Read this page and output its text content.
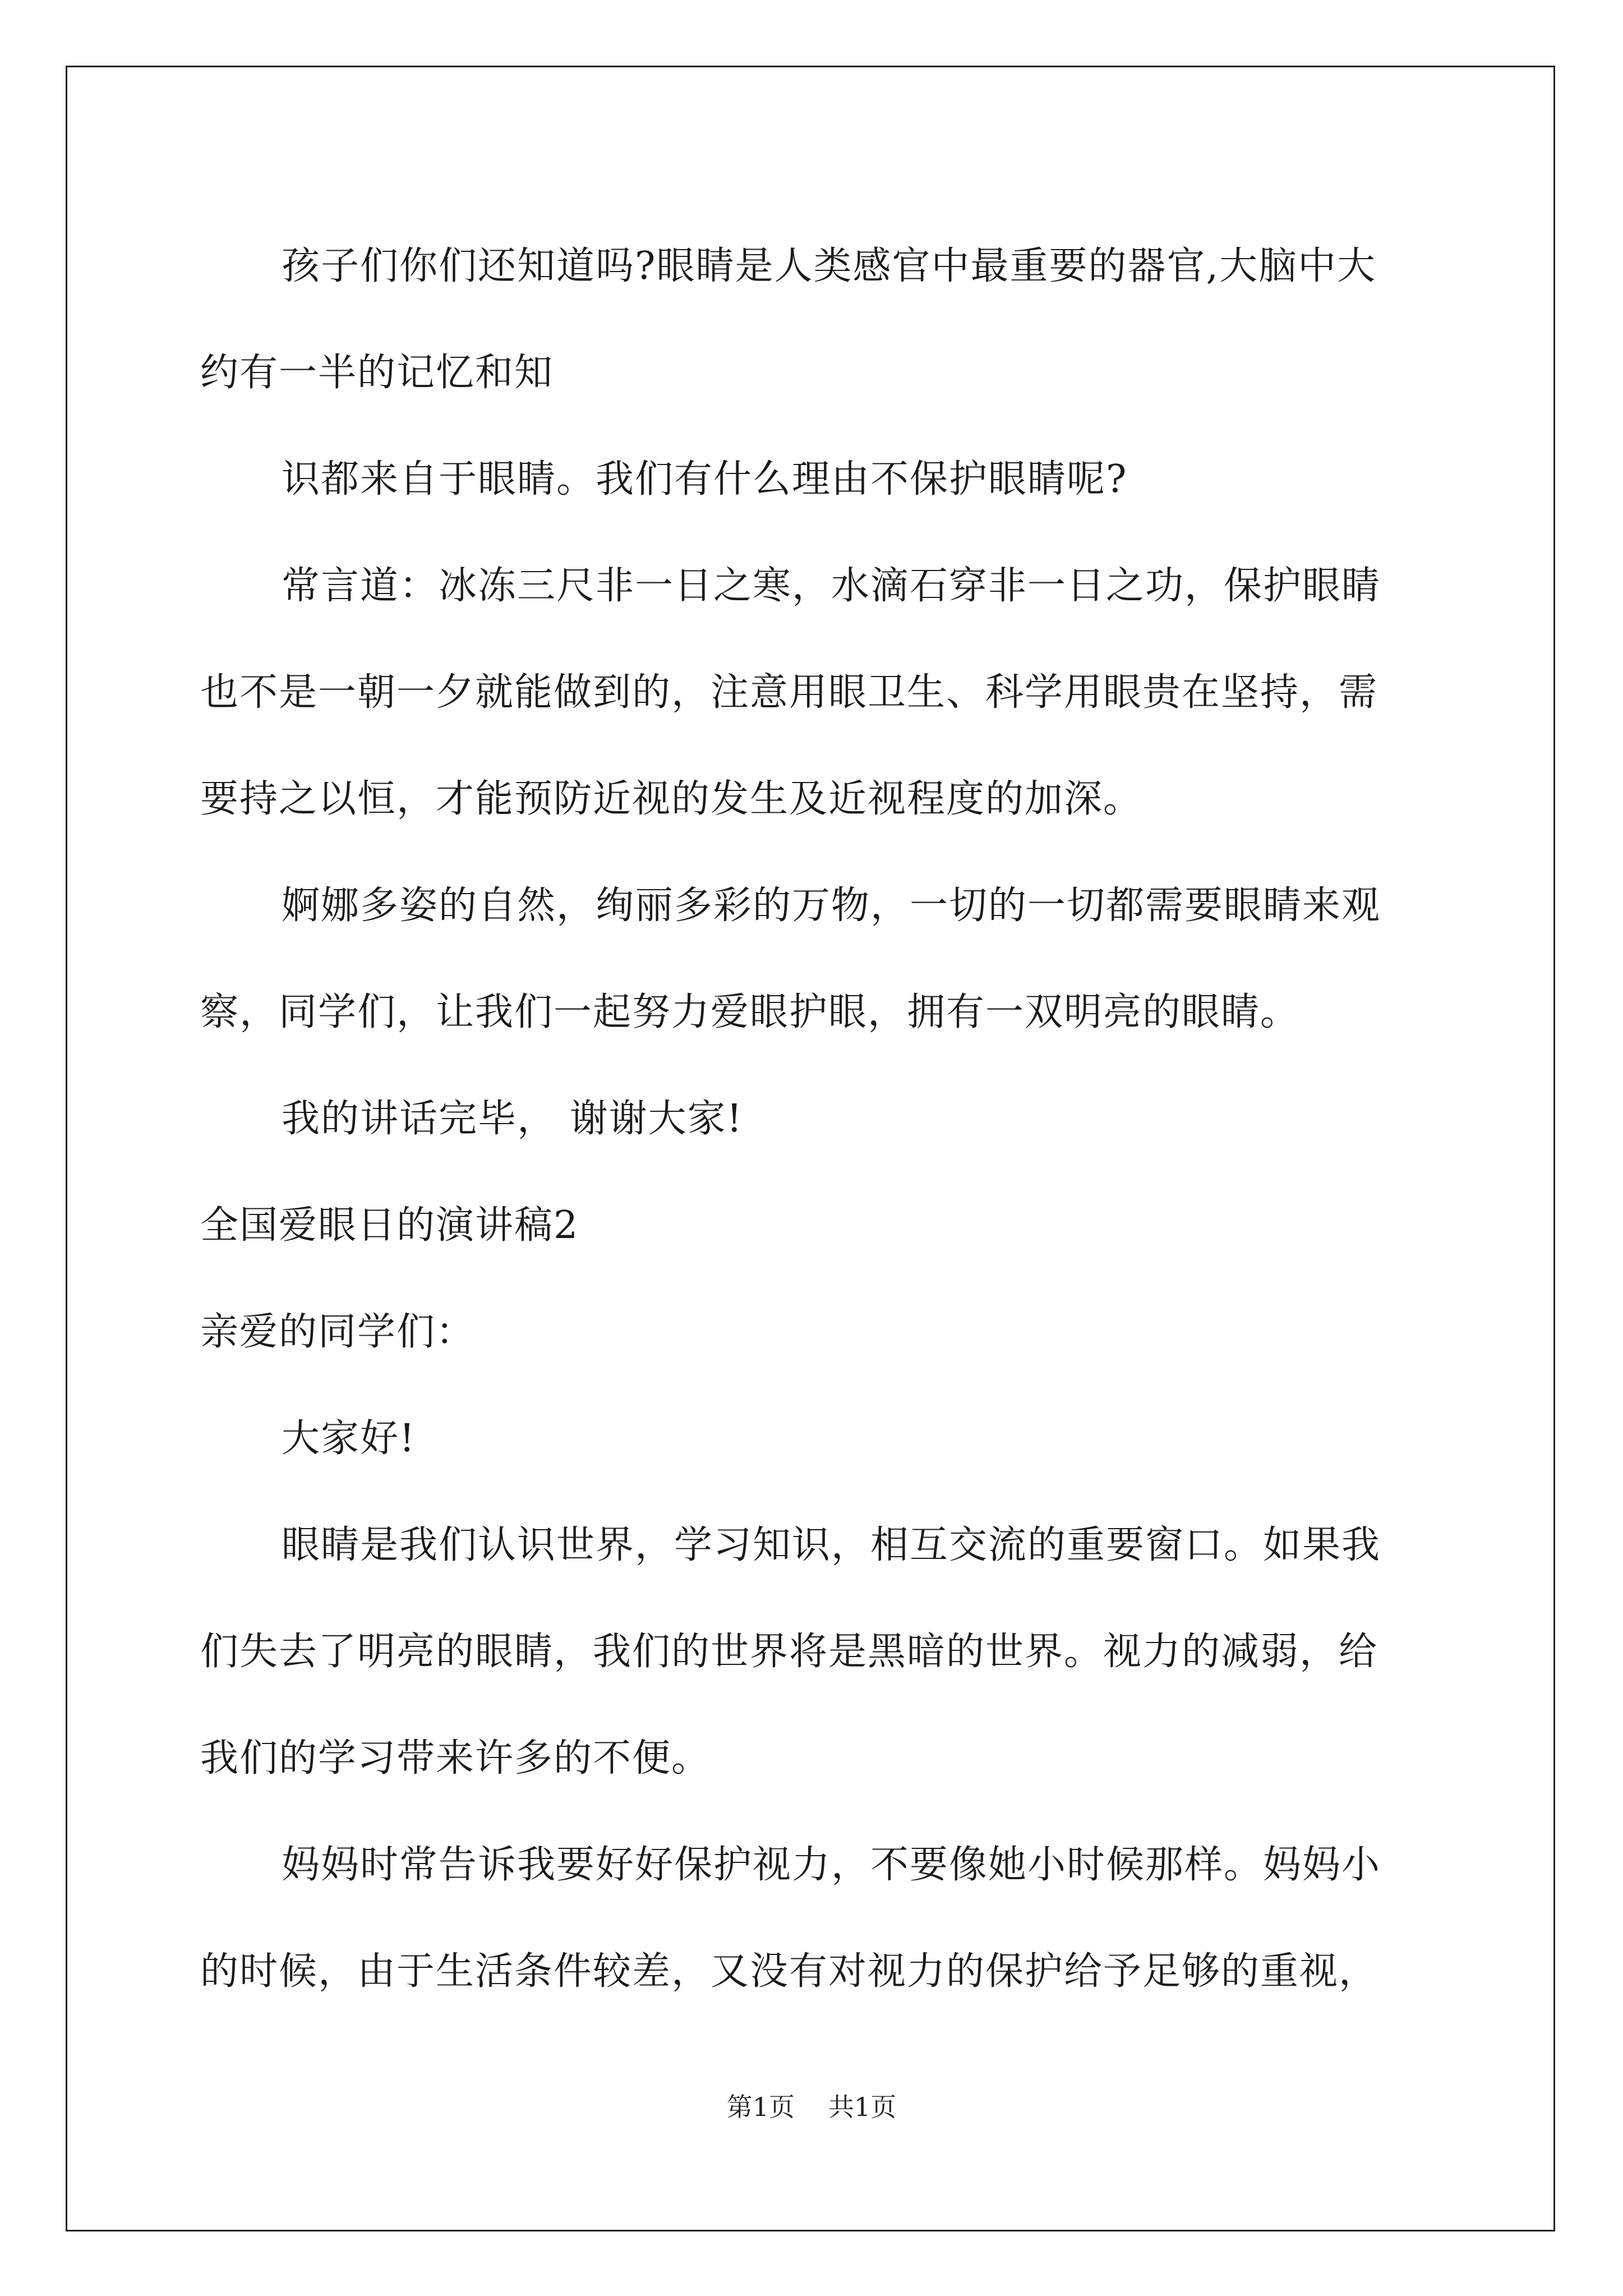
孩子们你们还知道吗?眼睛是人类感官中最重要的器官,大脑中大
约有一半的记忆和知
识都来自于眼睛。我们有什么理由不保护眼睛呢?
常言道：冰冻三尺非一日之寒，水滴石穿非一日之功，保护眼睛
也不是一朝一夕就能做到的，注意用眼卫生、科学用眼贵在坚持，需
要持之以恒，才能预防近视的发生及近视程度的加深。
婀娜多姿的自然，绚丽多彩的万物，一切的一切都需要眼睛来观
察，同学们，让我们一起努力爱眼护眼，拥有一双明亮的眼睛。
我的讲话完毕， 谢谢大家!
全国爱眼日的演讲稿2
亲爱的同学们：
大家好!
眼睛是我们认识世界，学习知识，相互交流的重要窗口。如果我
们失去了明亮的眼睛，我们的世界将是黑暗的世界。视力的减弱，给
我们的学习带来许多的不便。
妈妈时常告诉我要好好保护视力，不要像她小时候那样。妈妈小
的时候，由于生活条件较差，又没有对视力的保护给予足够的重视，
第1页 共1页
